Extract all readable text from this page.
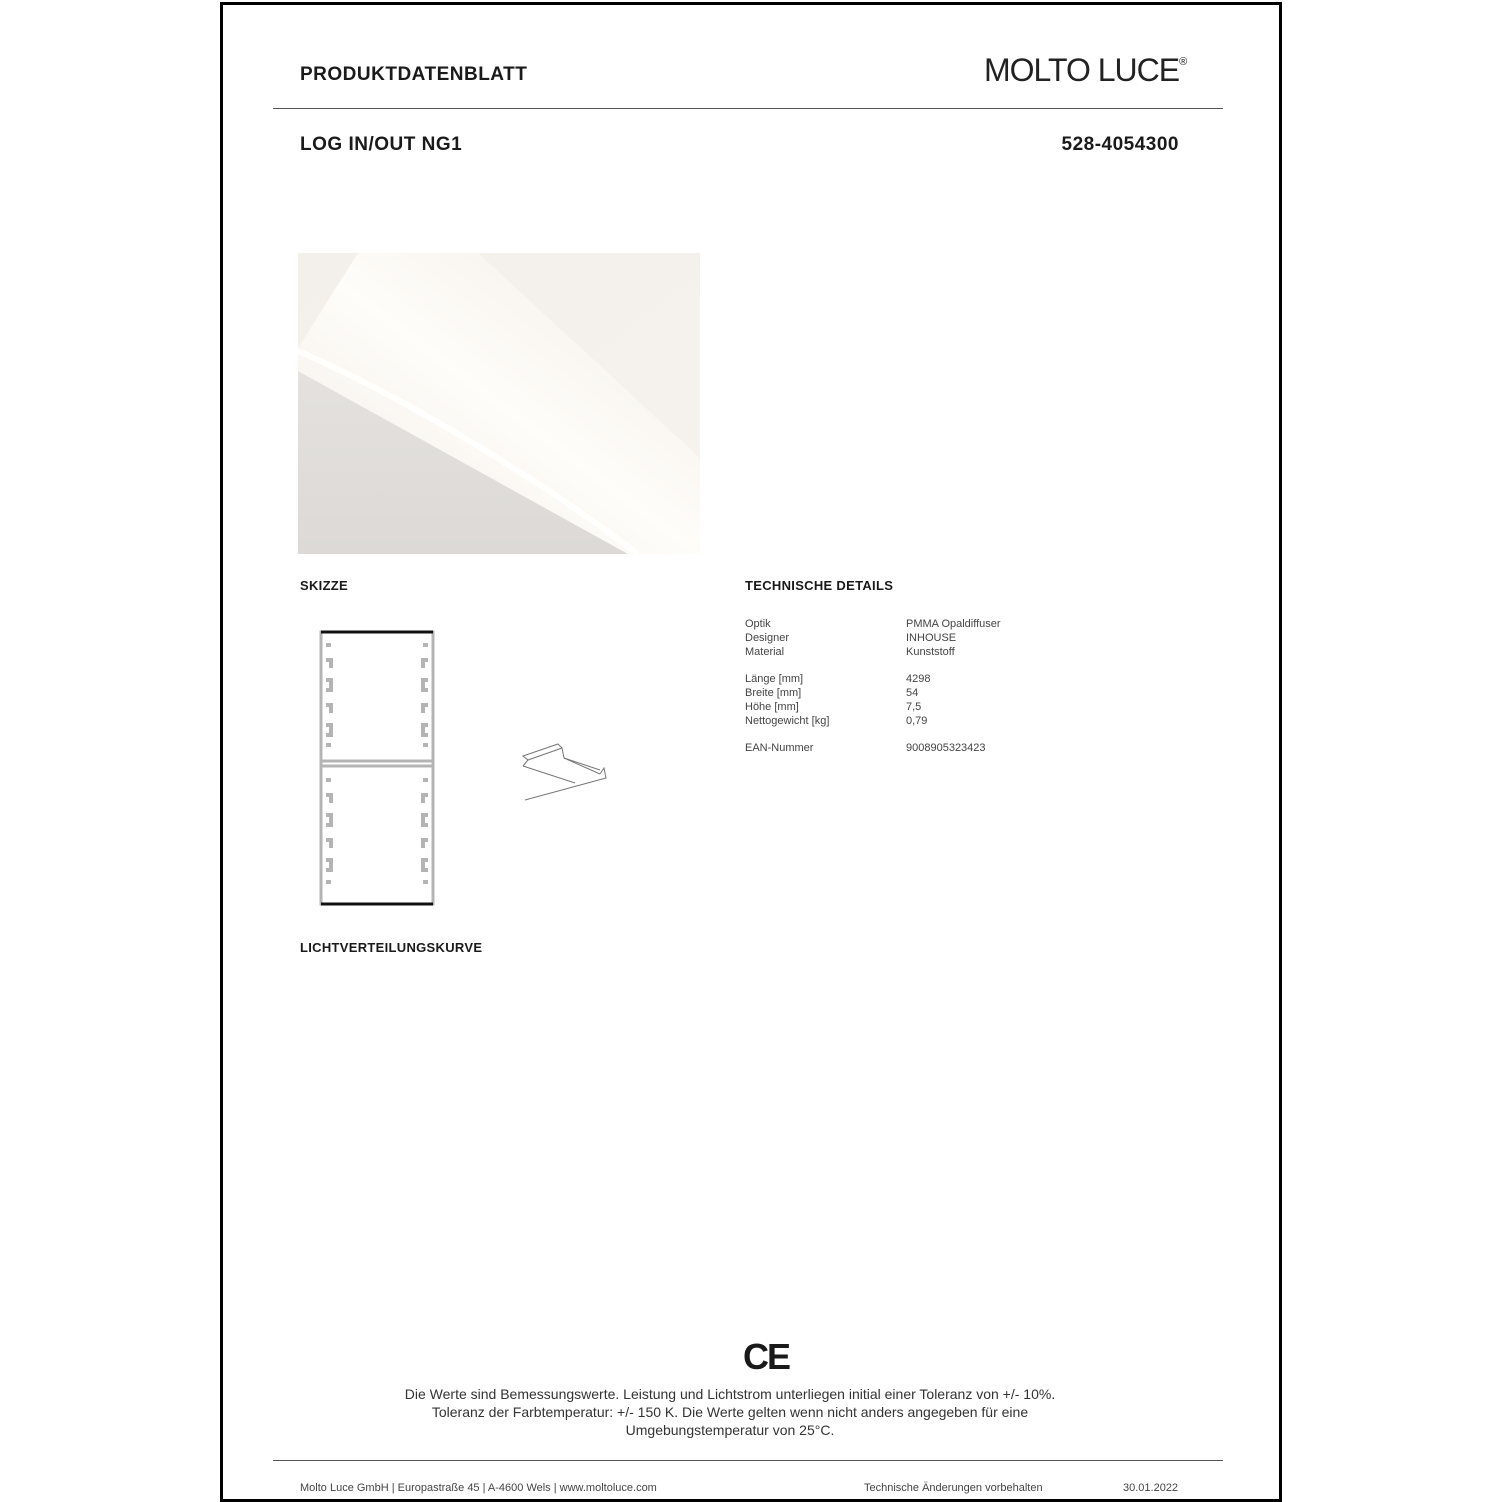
PRODUKTDATENBLATT	MOLTO LUCE®
LOG IN/OUT NG1	528-4054300
SKIZZE	TECHNISCHE DETAILS
Optik	PMMA Opaldiffuser
Designer	INHOUSE
Material	Kunststoff
Länge [mm]	4298
Breite [mm]	54
Höhe [mm]	7,5
Nettogewicht [kg]	0,79
EAN-Nummer	9008905323423
LICHTVERTEILUNGSKURVE
CE
Die Werte sind Bemessungswerte. Leistung und Lichtstrom unterliegen initial einer Toleranz von +/- 10%.
Toleranz der Farbtemperatur: +/- 150 K. Die Werte gelten wenn nicht anders angegeben für eine
Umgebungstemperatur von 25°C.
Molto Luce GmbH | Europastraße 45 | A-4600 Wels | www.moltoluce.com	Technische Änderungen vorbehalten	30.01.2022
